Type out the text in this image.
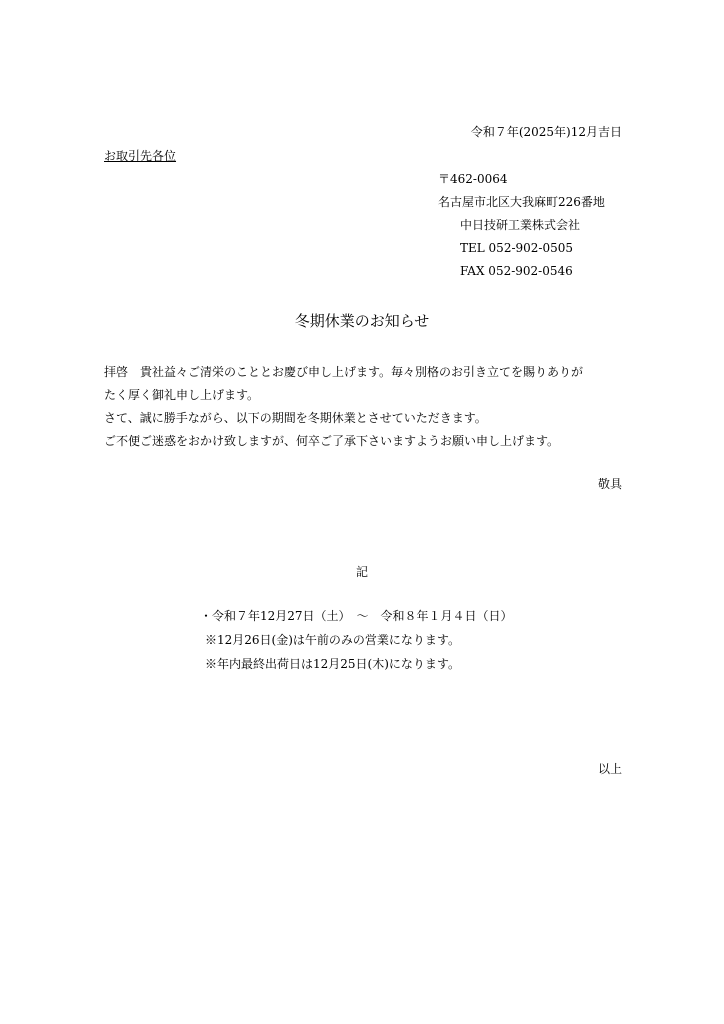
令和７年(2025年)12月吉日
お取引先各位
〒462-0064
名古屋市北区大我麻町226番地
中日技研工業株式会社
TEL 052-902-0505
FAX 052-902-0546
冬期休業のお知らせ
拝啓　貴社益々ご清栄のこととお慶び申し上げます。毎々別格のお引き立てを賜りありが
たく厚く御礼申し上げます。
さて、誠に勝手ながら、以下の期間を冬期休業とさせていただきます。
ご不便ご迷惑をおかけ致しますが、何卒ご了承下さいますようお願い申し上げます。
敬具
記
・令和７年12月27日（土）　～　令和８年１月４日（日）
※12月26日(金)は午前のみの営業になります。
※年内最終出荷日は12月25日(木)になります。
以上
